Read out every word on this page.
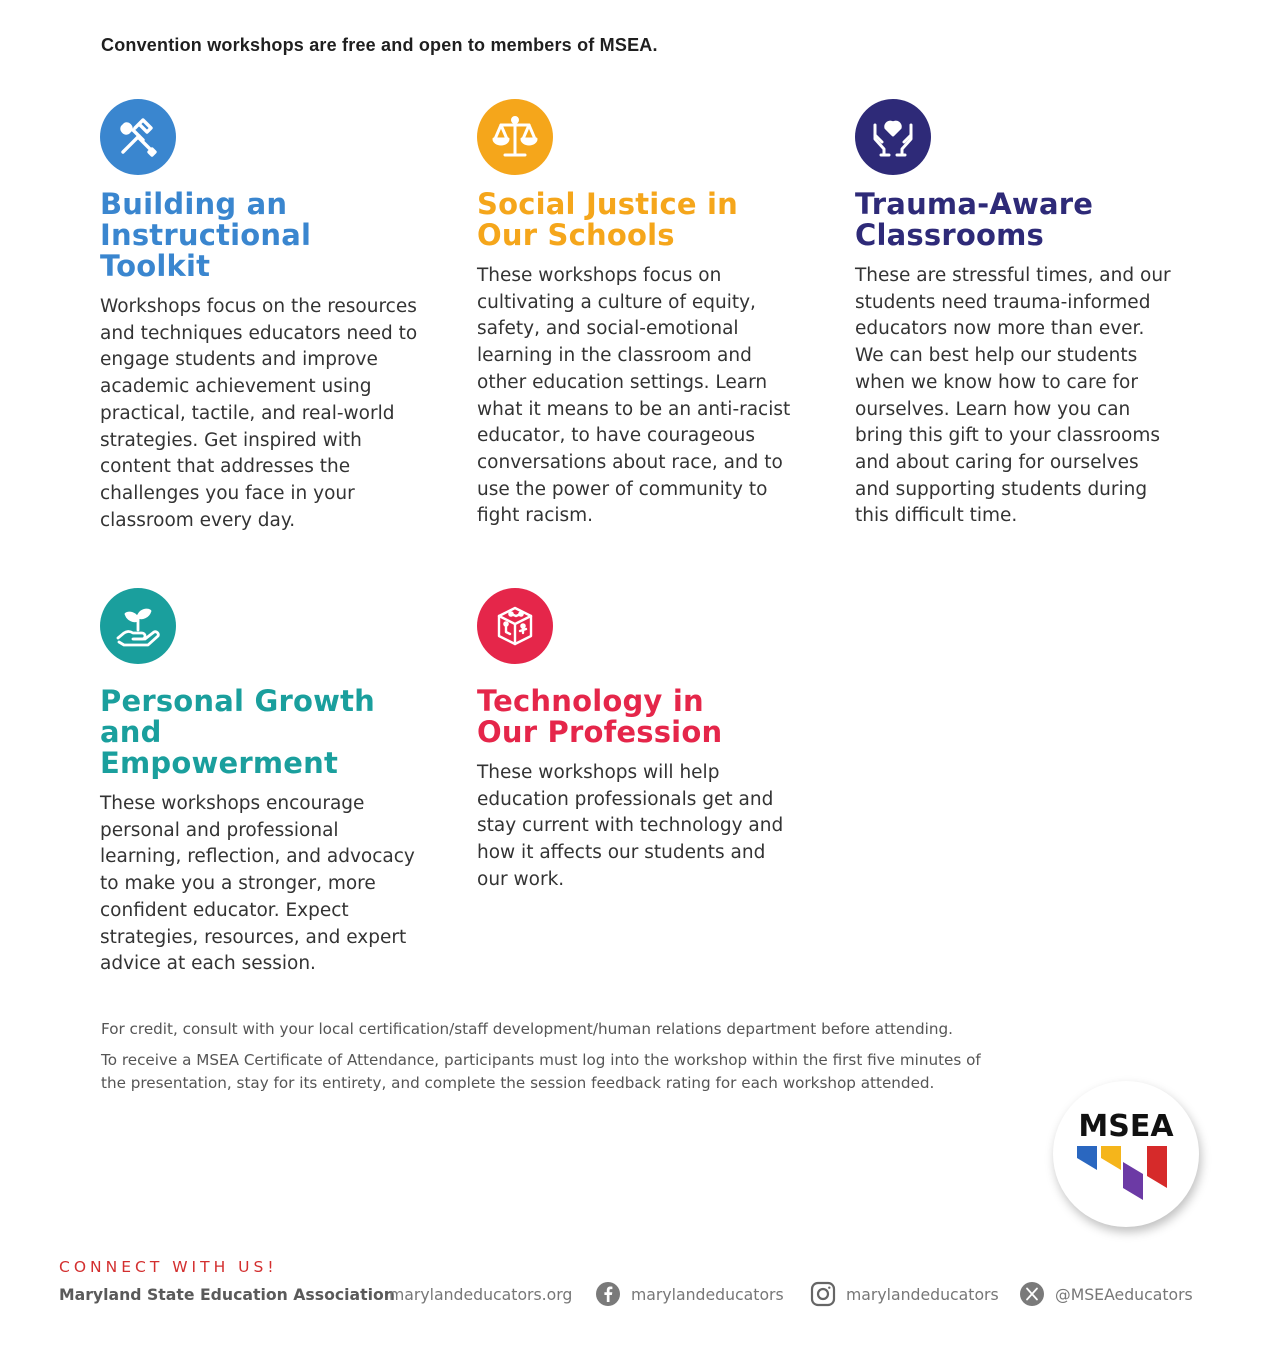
Convention workshops are free and open to members of MSEA.
Building an
Instructional Toolkit

Workshops focus on the resources and techniques educators need to engage students and improve academic achievement using practical, tactile, and real-world strategies. Get inspired with content that addresses the challenges you face in your classroom every day.

Social Justice in
Our Schools

These workshops focus on cultivating a culture of equity, safety, and social-emotional learning in the classroom and other education settings. Learn what it means to be an anti-racist educator, to have courageous conversations about race, and to use the power of community to fight racism.

Trauma-Aware
Classrooms

These are stressful times, and our students need trauma-informed educators now more than ever. We can best help our students when we know how to care for ourselves. Learn how you can bring this gift to your classrooms and about caring for ourselves and supporting students during this difficult time.

Personal Growth and
Empowerment

These workshops encourage personal and professional learning, reflection, and advocacy to make you a stronger, more confident educator. Expect strategies, resources, and expert advice at each session.

Technology in
Our Profession

These workshops will help education professionals get and stay current with technology and how it affects our students and our work.

For credit, consult with your local certification/staff development/human relations department before attending.

To receive a MSEA Certificate of Attendance, participants must log into the workshop within the first five minutes of the presentation, stay for its entirety, and complete the session feedback rating for each workshop attended.

MSEA
CONNECT WITH US!
Maryland State Education Association
marylandeducators.org	marylandeducators	marylandeducators	@MSEAeducators
